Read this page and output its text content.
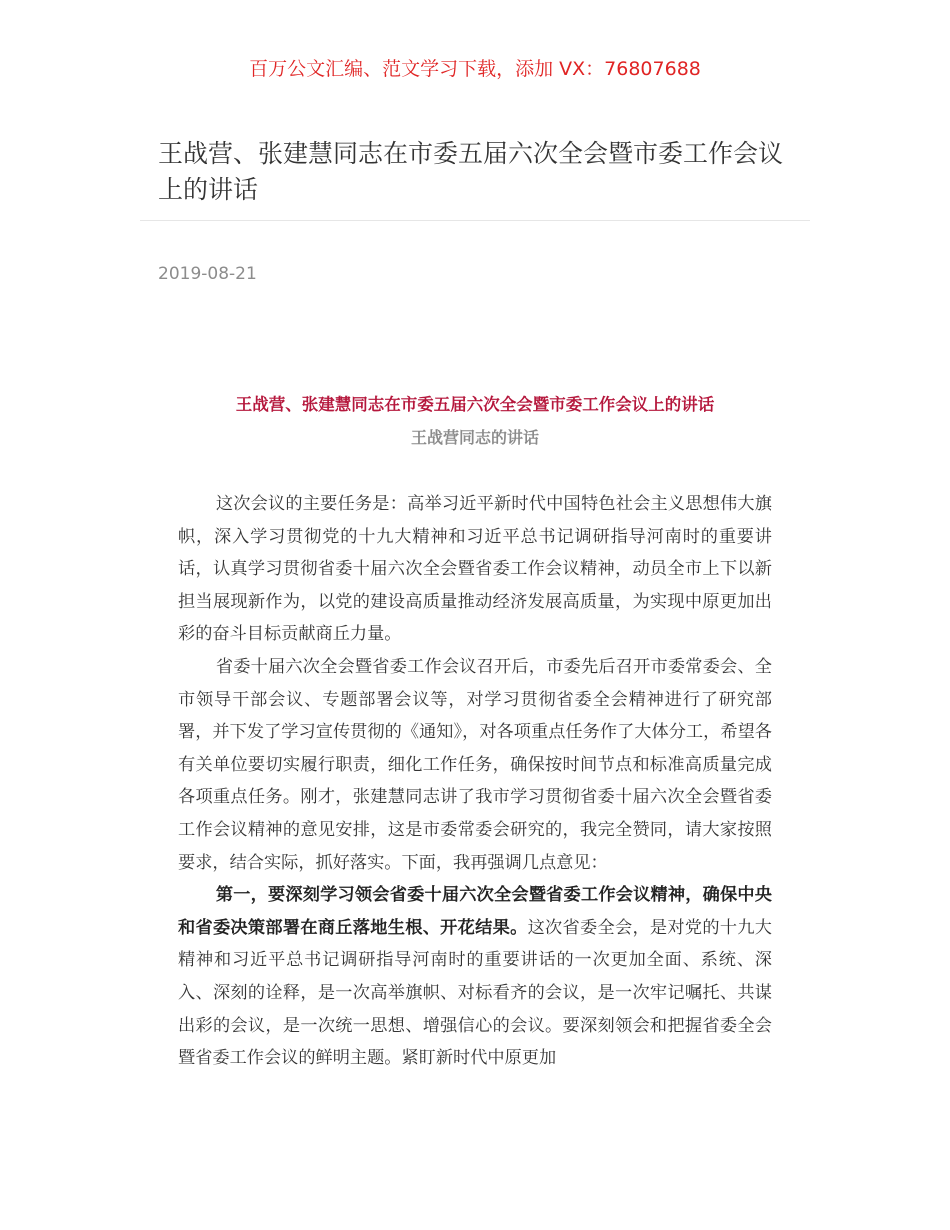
百万公文汇编、范文学习下载，添加 VX：76807688
王战营、张建慧同志在市委五届六次全会暨市委工作会议上的讲话
2019-08-21
王战营、张建慧同志在市委五届六次全会暨市委工作会议上的讲话
王战营同志的讲话

这次会议的主要任务是：高举习近平新时代中国特色社会主义思想伟大旗帜，深入学习贯彻党的十九大精神和习近平总书记调研指导河南时的重要讲话，认真学习贯彻省委十届六次全会暨省委工作会议精神，动员全市上下以新担当展现新作为，以党的建设高质量推动经济发展高质量，为实现中原更加出彩的奋斗目标贡献商丘力量。

省委十届六次全会暨省委工作会议召开后，市委先后召开市委常委会、全市领导干部会议、专题部署会议等，对学习贯彻省委全会精神进行了研究部署，并下发了学习宣传贯彻的《通知》，对各项重点任务作了大体分工，希望各有关单位要切实履行职责，细化工作任务，确保按时间节点和标准高质量完成各项重点任务。刚才，张建慧同志讲了我市学习贯彻省委十届六次全会暨省委工作会议精神的意见安排，这是市委常委会研究的，我完全赞同，请大家按照要求，结合实际，抓好落实。下面，我再强调几点意见：

第一，要深刻学习领会省委十届六次全会暨省委工作会议精神，确保中央和省委决策部署在商丘落地生根、开花结果。这次省委全会，是对党的十九大精神和习近平总书记调研指导河南时的重要讲话的一次更加全面、系统、深入、深刻的诠释，是一次高举旗帜、对标看齐的会议，是一次牢记嘱托、共谋出彩的会议，是一次统一思想、增强信心的会议。要深刻领会和把握省委全会暨省委工作会议的鲜明主题。紧盯新时代中原更加
